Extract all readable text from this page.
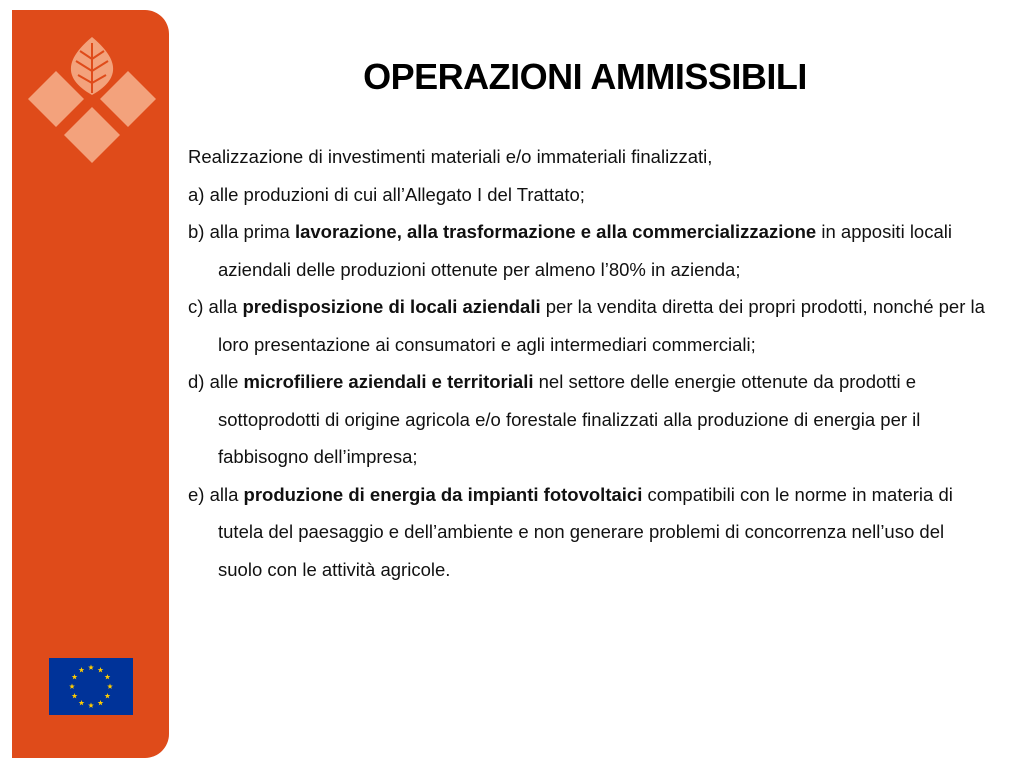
OPERAZIONI AMMISSIBILI

Realizzazione di investimenti materiali e/o immateriali finalizzati,

a) alle produzioni di cui all’Allegato I del Trattato;

b) alla prima lavorazione, alla trasformazione e alla commercializzazione in appositi locali aziendali delle produzioni ottenute per almeno l’80% in azienda;

c) alla predisposizione di locali aziendali per la vendita diretta dei propri prodotti, nonché per la loro presentazione ai consumatori e agli intermediari commerciali;

d) alle microfiliere aziendali e territoriali nel settore delle energie ottenute da prodotti e sottoprodotti di origine agricola e/o forestale finalizzati alla produzione di energia per il fabbisogno dell’impresa;

e) alla produzione di energia da impianti fotovoltaici compatibili con le norme in materia di tutela del paesaggio e dell’ambiente e non generare problemi di concorrenza nell’uso del suolo con le attività agricole.
